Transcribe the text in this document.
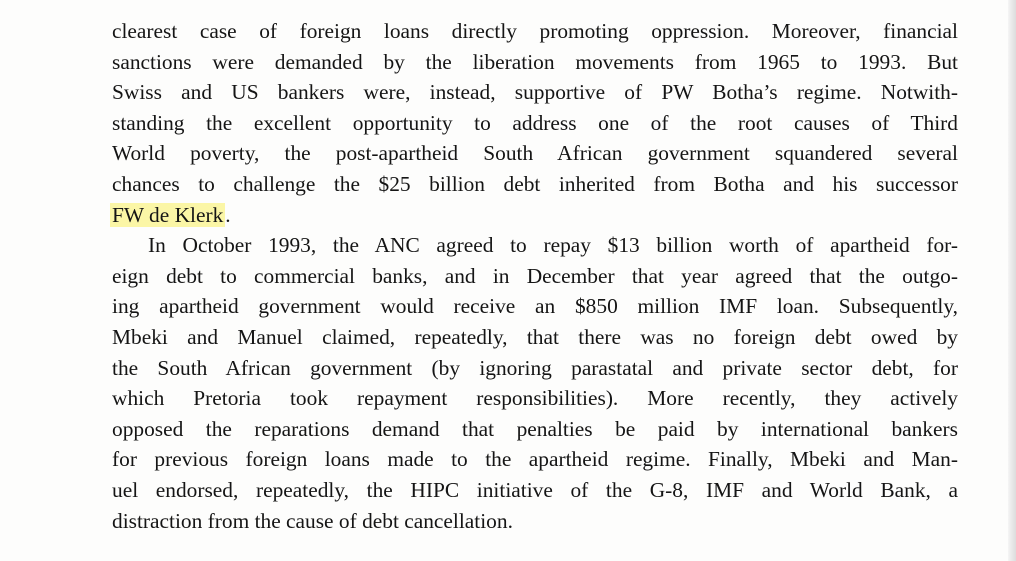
clearest case of foreign loans directly promoting oppression. Moreover, financial
sanctions were demanded by the liberation movements from 1965 to 1993. But
Swiss and US bankers were, instead, supportive of PW Botha’s regime. Notwith-
standing the excellent opportunity to address one of the root causes of Third
World poverty, the post-apartheid South African government squandered several
chances to challenge the $25 billion debt inherited from Botha and his successor
FW de Klerk.
In October 1993, the ANC agreed to repay $13 billion worth of apartheid for-
eign debt to commercial banks, and in December that year agreed that the outgo-
ing apartheid government would receive an $850 million IMF loan. Subsequently,
Mbeki and Manuel claimed, repeatedly, that there was no foreign debt owed by
the South African government (by ignoring parastatal and private sector debt, for
which Pretoria took repayment responsibilities). More recently, they actively
opposed the reparations demand that penalties be paid by international bankers
for previous foreign loans made to the apartheid regime. Finally, Mbeki and Man-
uel endorsed, repeatedly, the HIPC initiative of the G-8, IMF and World Bank, a
distraction from the cause of debt cancellation.
